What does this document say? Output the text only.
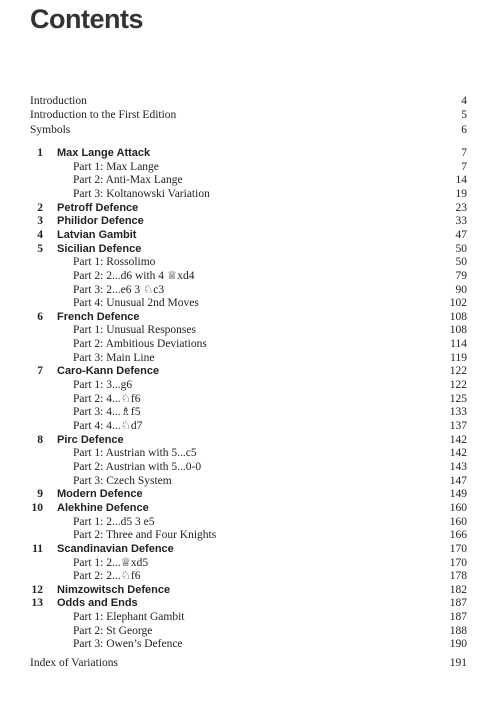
Contents
Introduction	4
Introduction to the First Edition	5
Symbols	6
1 Max Lange Attack	7
Part 1: Max Lange	7
Part 2: Anti-Max Lange	14
Part 3: Koltanowski Variation	19
2 Petroff Defence	23
3 Philidor Defence	33
4 Latvian Gambit	47
5 Sicilian Defence	50
Part 1: Rossolimo	50
Part 2: 2...d6 with 4 ♕xd4	79
Part 3: 2...e6 3 ♘c3	90
Part 4: Unusual 2nd Moves	102
6 French Defence	108
Part 1: Unusual Responses	108
Part 2: Ambitious Deviations	114
Part 3: Main Line	119
7 Caro-Kann Defence	122
Part 1: 3...g6	122
Part 2: 4...♘f6	125
Part 3: 4...♗f5	133
Part 4: 4...♘d7	137
8 Pirc Defence	142
Part 1: Austrian with 5...c5	142
Part 2: Austrian with 5...0-0	143
Part 3: Czech System	147
9 Modern Defence	149
10 Alekhine Defence	160
Part 1: 2...d5 3 e5	160
Part 2: Three and Four Knights	166
11 Scandinavian Defence	170
Part 1: 2...♕xd5	170
Part 2: 2...♘f6	178
12 Nimzowitsch Defence	182
13 Odds and Ends	187
Part 1: Elephant Gambit	187
Part 2: St George	188
Part 3: Owen’s Defence	190
Index of Variations	191
